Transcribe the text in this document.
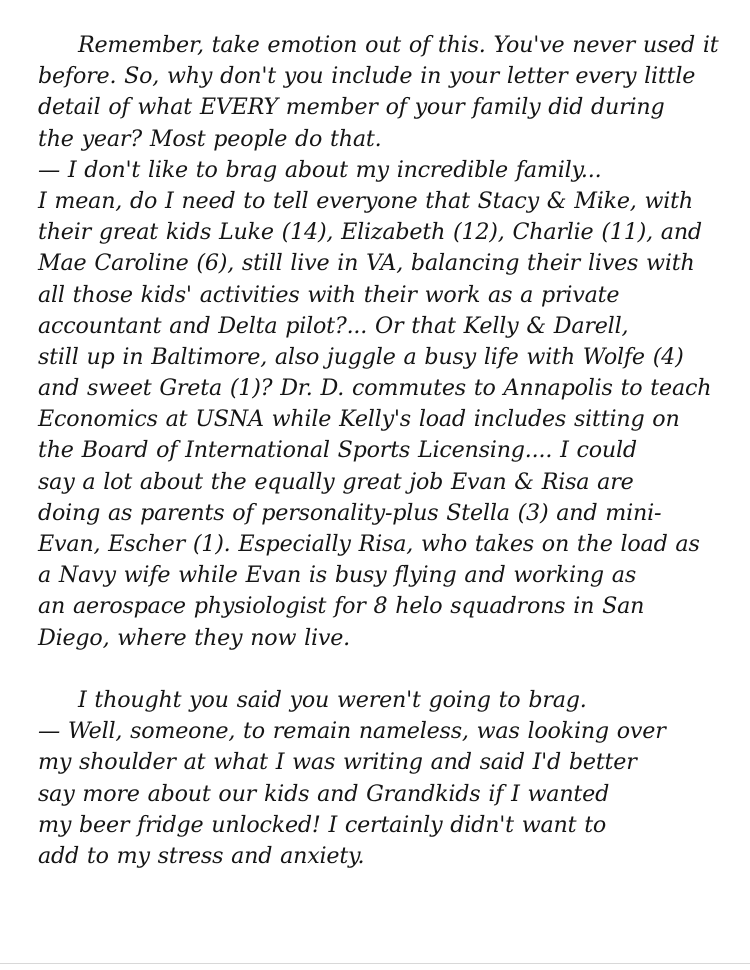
Remember, take emotion out of this. You've never used it
before. So, why don't you include in your letter every little
detail of what EVERY member of your family did during
the year? Most people do that.
— I don't like to brag about my incredible family...
I mean, do I need to tell everyone that Stacy & Mike, with
their great kids Luke (14), Elizabeth (12), Charlie (11), and
Mae Caroline (6), still live in VA, balancing their lives with
all those kids' activities with their work as a private
accountant and Delta pilot?... Or that Kelly & Darell,
still up in Baltimore, also juggle a busy life with Wolfe (4)
and sweet Greta (1)? Dr. D. commutes to Annapolis to teach
Economics at USNA while Kelly's load includes sitting on
the Board of International Sports Licensing.... I could
say a lot about the equally great job Evan & Risa are
doing as parents of personality-plus Stella (3) and mini-
Evan, Escher (1). Especially Risa, who takes on the load as
a Navy wife while Evan is busy flying and working as
an aerospace physiologist for 8 helo squadrons in San
Diego, where they now live.
I thought you said you weren't going to brag.
— Well, someone, to remain nameless, was looking over
my shoulder at what I was writing and said I'd better
say more about our kids and Grandkids if I wanted
my beer fridge unlocked! I certainly didn't want to
add to my stress and anxiety.
